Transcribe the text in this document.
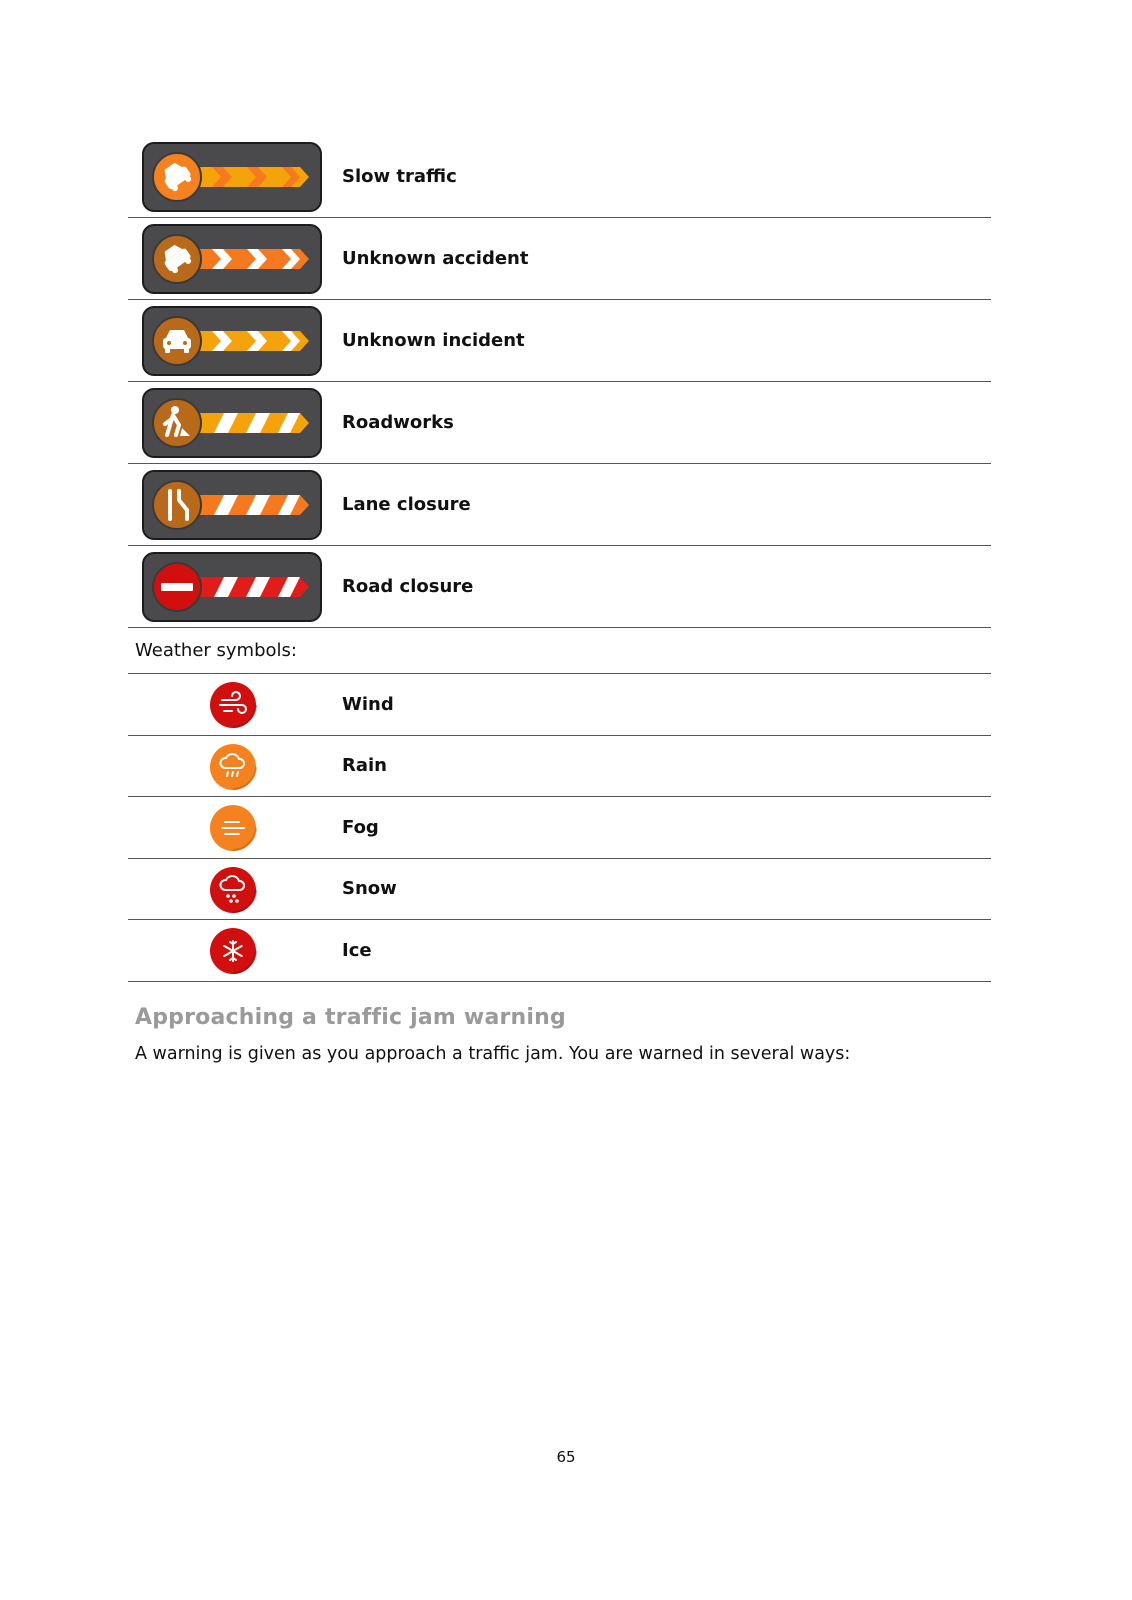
Slow traffic
Unknown accident
Unknown incident
Roadworks
Lane closure
Road closure
Weather symbols:
Wind
Rain
Fog
Snow
Ice
Approaching a traffic jam warning
A warning is given as you approach a traffic jam. You are warned in several ways:
65
